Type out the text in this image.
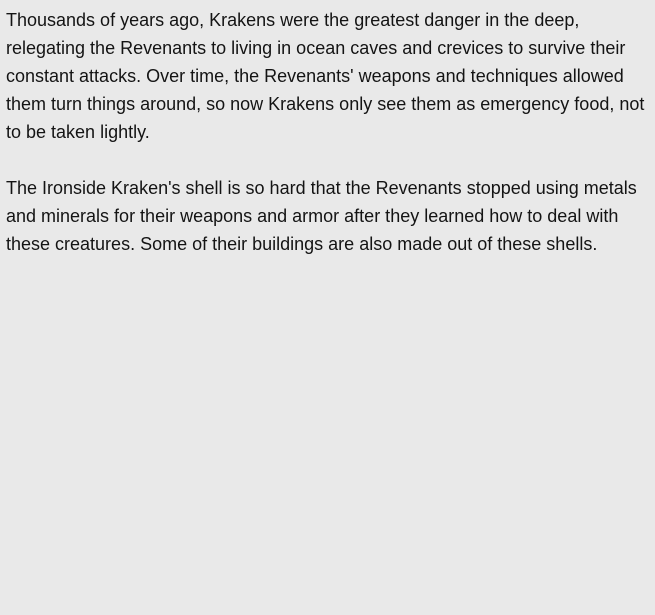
Thousands of years ago, Krakens were the greatest danger in the deep, relegating the Revenants to living in ocean caves and crevices to survive their constant attacks. Over time, the Revenants' weapons and techniques allowed them turn things around, so now Krakens only see them as emergency food, not to be taken lightly.

The Ironside Kraken's shell is so hard that the Revenants stopped using metals and minerals for their weapons and armor after they learned how to deal with these creatures. Some of their buildings are also made out of these shells.
